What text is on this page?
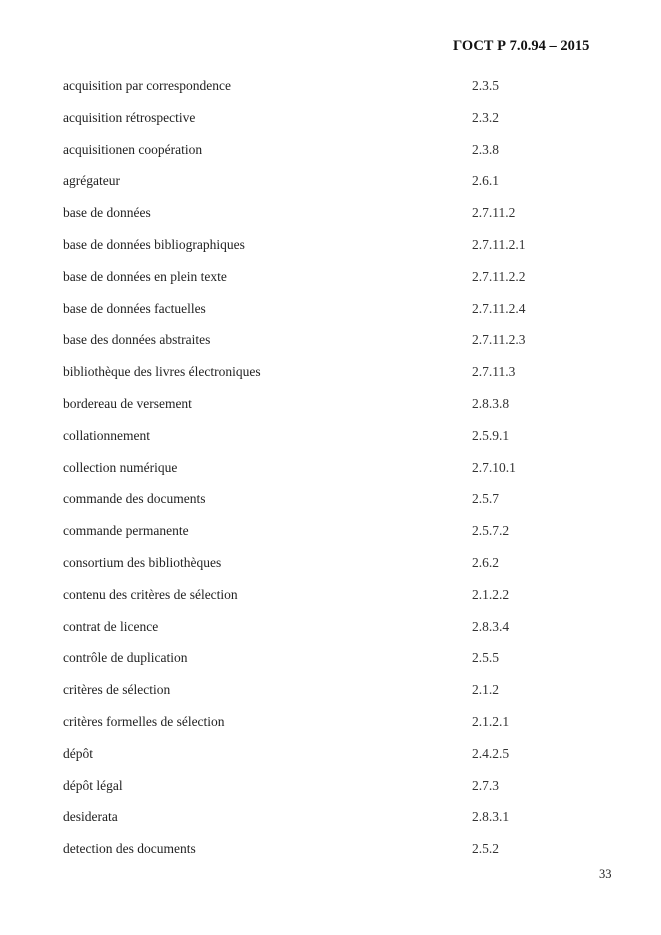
ГОСТ Р 7.0.94 – 2015
acquisition par correspondence	2.3.5
acquisition rétrospective	2.3.2
acquisitionen coopération	2.3.8
agrégateur	2.6.1
base de données	2.7.11.2
base de données bibliographiques	2.7.11.2.1
base de données en plein texte	2.7.11.2.2
base de données factuelles	2.7.11.2.4
base des données abstraites	2.7.11.2.3
bibliothèque des livres électroniques	2.7.11.3
bordereau de versement	2.8.3.8
collationnement	2.5.9.1
collection numérique	2.7.10.1
commande des documents	2.5.7
commande permanente	2.5.7.2
consortium des bibliothèques	2.6.2
contenu des critères de sélection	2.1.2.2
contrat de licence	2.8.3.4
contrôle de duplication	2.5.5
critères de sélection	2.1.2
critères formelles de sélection	2.1.2.1
dépôt	2.4.2.5
dépôt légal	2.7.3
desiderata	2.8.3.1
detection des documents	2.5.2
33
